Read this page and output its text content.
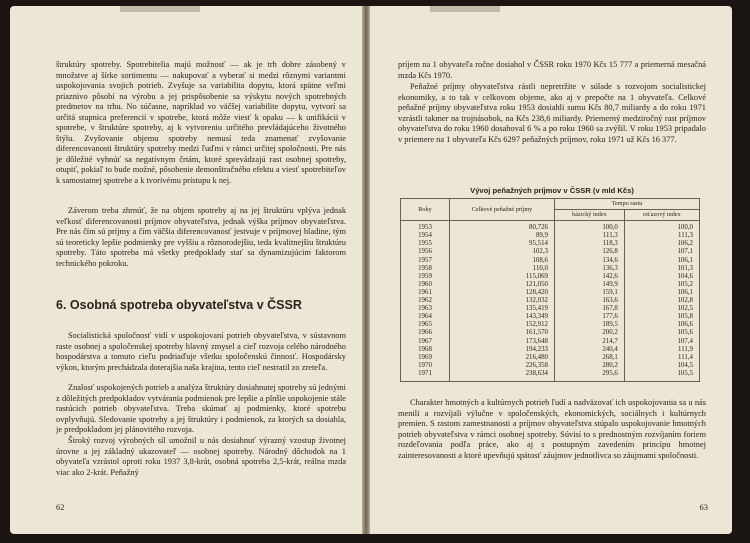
štruktúry spotreby. Spotrebitelia majú možnosť — ak je trh dobre zásobený v množstve aj šírke sortimentu — nakupovať a vyberať si medzi rôznymi variantmi uspokojovania svojich potrieb. Zvyšuje sa variabilita dopytu, ktorá spätne veľmi priaznivo pôsobí na výrobu a jej prispôsobenie sa výskytu nových spotrebných predmetov na trhu. No súčasne, napríklad vo väčšej variabilite dopytu, vytvorí sa určitá stupnica preferencií v spotrebe, ktorá môže viesť k opaku — k unifikácii v spotrebe, v štruktúre spotreby, aj k vytvoreniu určitého prevládajúceho životného štýlu. Zvyšovanie objemu spotreby nemusí teda znamenať zvyšovanie diferencovanosti štruktúry spotreby medzi ľuďmi v rámci určitej spoločnosti. Pre nás je dôležité vyhnúť sa negatívnym črtám, ktoré sprevádzajú rast osobnej spotreby, otupiť, pokiaľ to bude možné, pôsobenie demonštračného efektu a viesť spotrebiteľov k samostatnej spotrebe a k tvorivému prístupu k nej.

Záverom treba zhrnúť, že na objem spotreby aj na jej štruktúru vplýva jednak veľkosť diferencovanosti príjmov obyvateľstva, jednak výška príjmov obyvateľstva. Pre nás čím sú príjmy a čím väčšia diferencovanosť jestvuje v príjmovej hladine, tým sú teoreticky lepšie podmienky pre vyššiu a rôznorodejšiu, teda kvalitnejšiu štruktúru spotreby. Táto spotreba má všetky predpoklady stať sa dynamizujúcim faktorom technického pokroku.

6. Osobná spotreba obyvateľstva v ČSSR

Socialistická spoločnosť vidí v uspokojovaní potrieb obyvateľstva, v sústavnom raste osobnej a spoločenskej spotreby hlavný zmysel a cieľ rozvoja celého národného hospodárstva a tomuto cieľu podriaďuje všetku spoločenskú činnosť. Hospodársky výkon, ktorým prechádzala doterajšia naša krajina, tento cieľ nestratil zo zreteľa.

Znalosť uspokojených potrieb a analýza štruktúry dosiahnutej spotreby sú jednými z dôležitých predpokladov vytvárania podmienok pre lepšie a plnšie uspokojenie stále rastúcich potrieb obyvateľstva. Treba skúmať aj podmienky, ktoré spotrebu ovplyvňujú. Sledovanie spotreby a jej štruktúry i podmienok, za ktorých sa dosiahla, je predpokladom jej plánovitého rozvoja.

Široký rozvoj výrobných síl umožnil u nás dosiahnuť výrazný vzostup životnej úrovne a jej základný ukazovateľ — osobnej spotreby. Národný dôchodok na 1 obyvateľa vzrástol oproti roku 1937 3,8-krát, osobná spotreba 2,5-krát, reálna mzda viac ako 2-krát. Peňažný

62

príjem na 1 obyvateľa ročne dosiahol v ČSSR roku 1970 Kčs 15 777 a priemerná mesačná mzda Kčs 1970.

Peňažné príjmy obyvateľstva rástli nepretržite v súlade s rozvojom socialistickej ekonomiky, a to tak v celkovom objeme, ako aj v prepočte na 1 obyvateľa. Celkové peňažné príjmy obyvateľstva roku 1953 dosiahli sumu Kčs 80,7 miliardy a do roku 1971 vzrástli takmer na trojnásobok, na Kčs 238,6 miliardy. Priemerný medziročný rast príjmov obyvateľstva do roku 1960 dosahoval 6 % a po roku 1960 sa zvýšil. V roku 1953 pripadalo v priemere na 1 obyvateľa Kčs 6297 peňažných príjmov, roku 1971 už Kčs 16 377.

Vývoj peňažných príjmov v ČSSR (v mld Kčs)
Roky	Celkové peňažné príjmy	Tempo rastu	
		bázický index	reťazový index
1953	80,726	100,0	100,0
1954	89,9	111,3	111,3
1955	95,514	118,3	106,2
1956	102,3	126,8	107,1
1957	108,6	134,6	106,1
1958	110,0	136,3	101,3
1959	115,069	142,6	104,6
1960	121,050	149,9	105,2
1961	128,420	159,1	106,1
1962	132,032	163,6	102,8
1963	135,419	167,8	102,5
1964	143,349	177,6	105,8
1965	152,912	189,5	106,6
1966	161,570	200,2	105,6
1967	173,648	214,7	107,4
1968	194,233	240,4	111,9
1969	216,480	268,1	111,4
1970	226,358	280,2	104,5
1971	238,634	295,6	105,5

Charakter hmotných a kultúrnych potrieb ľudí a nadväzovať ich uspokojovania sa u nás menili a rozvíjali výlučne v spoločenských, ekonomických, sociálnych i kultúrnych premien. S rastom zamestnanosti a príjmov obyvateľstva stúpalo uspokojovanie hmotných potrieb obyvateľstva v rámci osobnej spotreby. Súvisí to s prednostným rozvíjaním foriem rozdeľovania podľa práce, ako aj s postupným zavedením princípu hmotnej zainteresovanosti a ktoré upevňujú spätosť záujmov jednotlivca so záujmami spoločnosti.

63
